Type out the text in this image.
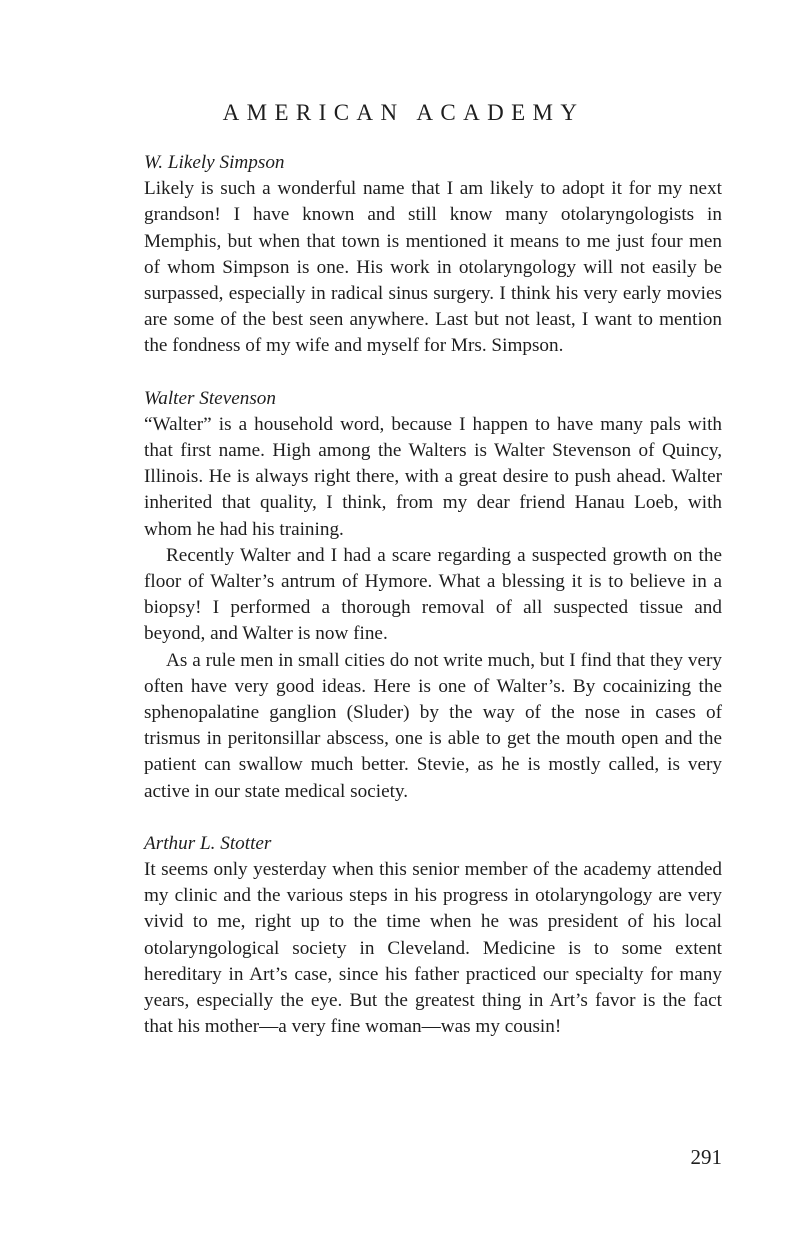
AMERICAN ACADEMY

W. Likely Simpson

Likely is such a wonderful name that I am likely to adopt it for my next grandson! I have known and still know many otolaryngologists in Memphis, but when that town is mentioned it means to me just four men of whom Simpson is one. His work in otolaryngology will not easily be surpassed, especially in radical sinus surgery. I think his very early movies are some of the best seen anywhere. Last but not least, I want to mention the fondness of my wife and myself for Mrs. Simpson.

Walter Stevenson

“Walter” is a household word, because I happen to have many pals with that first name. High among the Walters is Walter Stevenson of Quincy, Illinois. He is always right there, with a great desire to push ahead. Walter inherited that quality, I think, from my dear friend Hanau Loeb, with whom he had his training.

Recently Walter and I had a scare regarding a suspected growth on the floor of Walter’s antrum of Hymore. What a blessing it is to believe in a biopsy! I performed a thorough removal of all suspected tissue and beyond, and Walter is now fine.

As a rule men in small cities do not write much, but I find that they very often have very good ideas. Here is one of Walter’s. By cocainizing the sphenopalatine ganglion (Sluder) by the way of the nose in cases of trismus in peritonsillar abscess, one is able to get the mouth open and the patient can swallow much better. Stevie, as he is mostly called, is very active in our state medical society.

Arthur L. Stotter

It seems only yesterday when this senior member of the academy attended my clinic and the various steps in his progress in otolaryngology are very vivid to me, right up to the time when he was president of his local otolaryngological society in Cleveland. Medicine is to some extent hereditary in Art’s case, since his father practiced our specialty for many years, especially the eye. But the greatest thing in Art’s favor is the fact that his mother—a very fine woman—was my cousin!

291
